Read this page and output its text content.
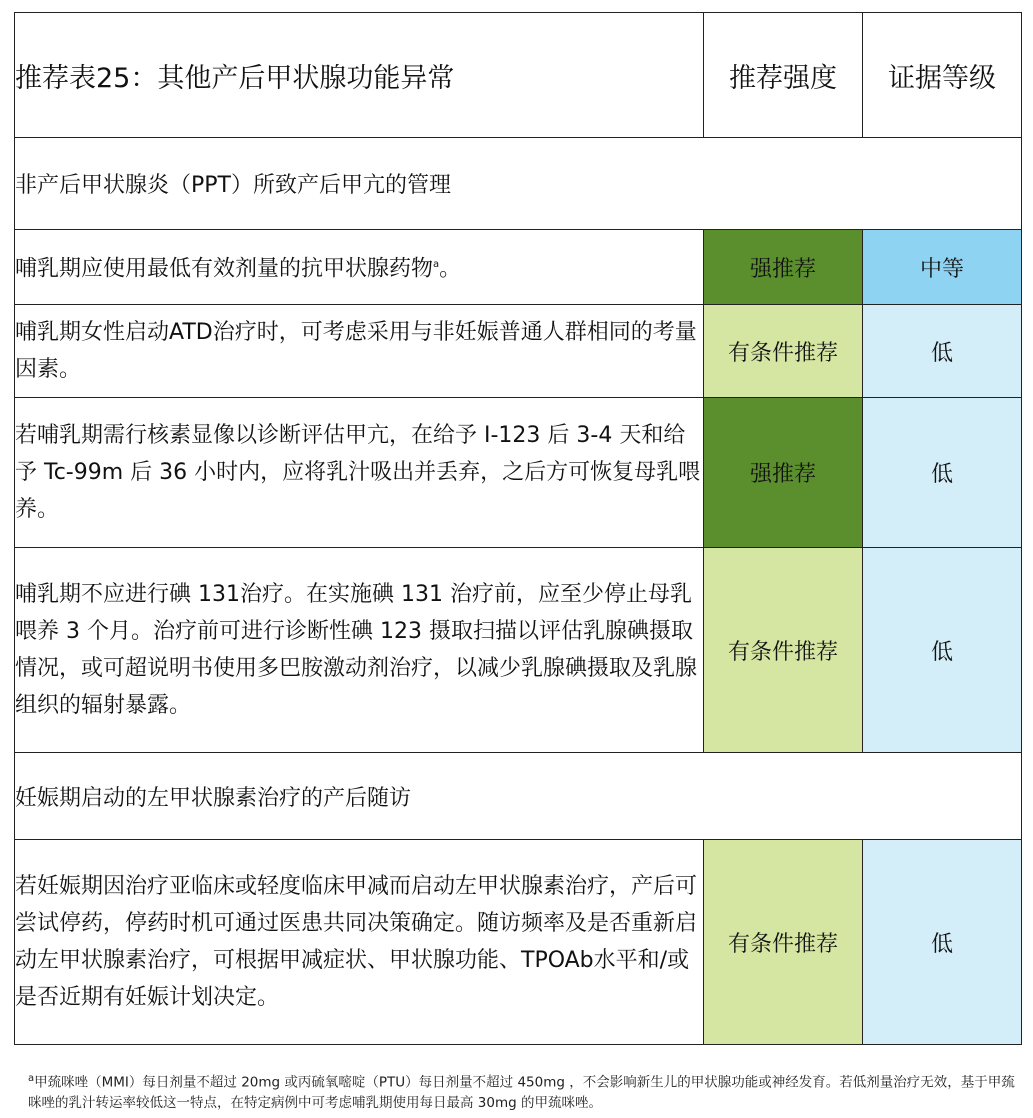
推荐表25：其他产后甲状腺功能异常	推荐强度	证据等级
非产后甲状腺炎（PPT）所致产后甲亢的管理		
哺乳期应使用最低有效剂量的抗甲状腺药物$^a$。	强推荐	中等
哺乳期女性启动ATD治疗时，可考虑采用与非妊娠普通人群相同的考量因素。	有条件推荐	低
若哺乳期需行核素显像以诊断评估甲亢，在给予 I-123 后 3-4 天和给予 Tc-99m 后 36 小时内，应将乳汁吸出并丢弃，之后方可恢复母乳喂养。	强推荐	低
哺乳期不应进行碘 131治疗。在实施碘 131 治疗前，应至少停止母乳喂养 3 个月。治疗前可进行诊断性碘 123 摄取扫描以评估乳腺碘摄取情况，或可超说明书使用多巴胺激动剂治疗，以减少乳腺碘摄取及乳腺组织的辐射暴露。	有条件推荐	低
妊娠期启动的左甲状腺素治疗的产后随访		
若妊娠期因治疗亚临床或轻度临床甲减而启动左甲状腺素治疗，产后可尝试停药，停药时机可通过医患共同决策确定。随访频率及是否重新启动左甲状腺素治疗，可根据甲减症状、甲状腺功能、TPOAb水平和/或是否近期有妊娠计划决定。	有条件推荐	低
$^a$甲巯咪唑（MMI）每日剂量不超过 20mg 或丙硫氧嘧啶（PTU）每日剂量不超过 450mg ，不会影响新生儿的甲状腺功能或神经发育。若低剂量治疗无效，基于甲巯咪唑的乳汁转运率较低这一特点，在特定病例中可考虑哺乳期使用每日最高 30mg 的甲巯咪唑。
